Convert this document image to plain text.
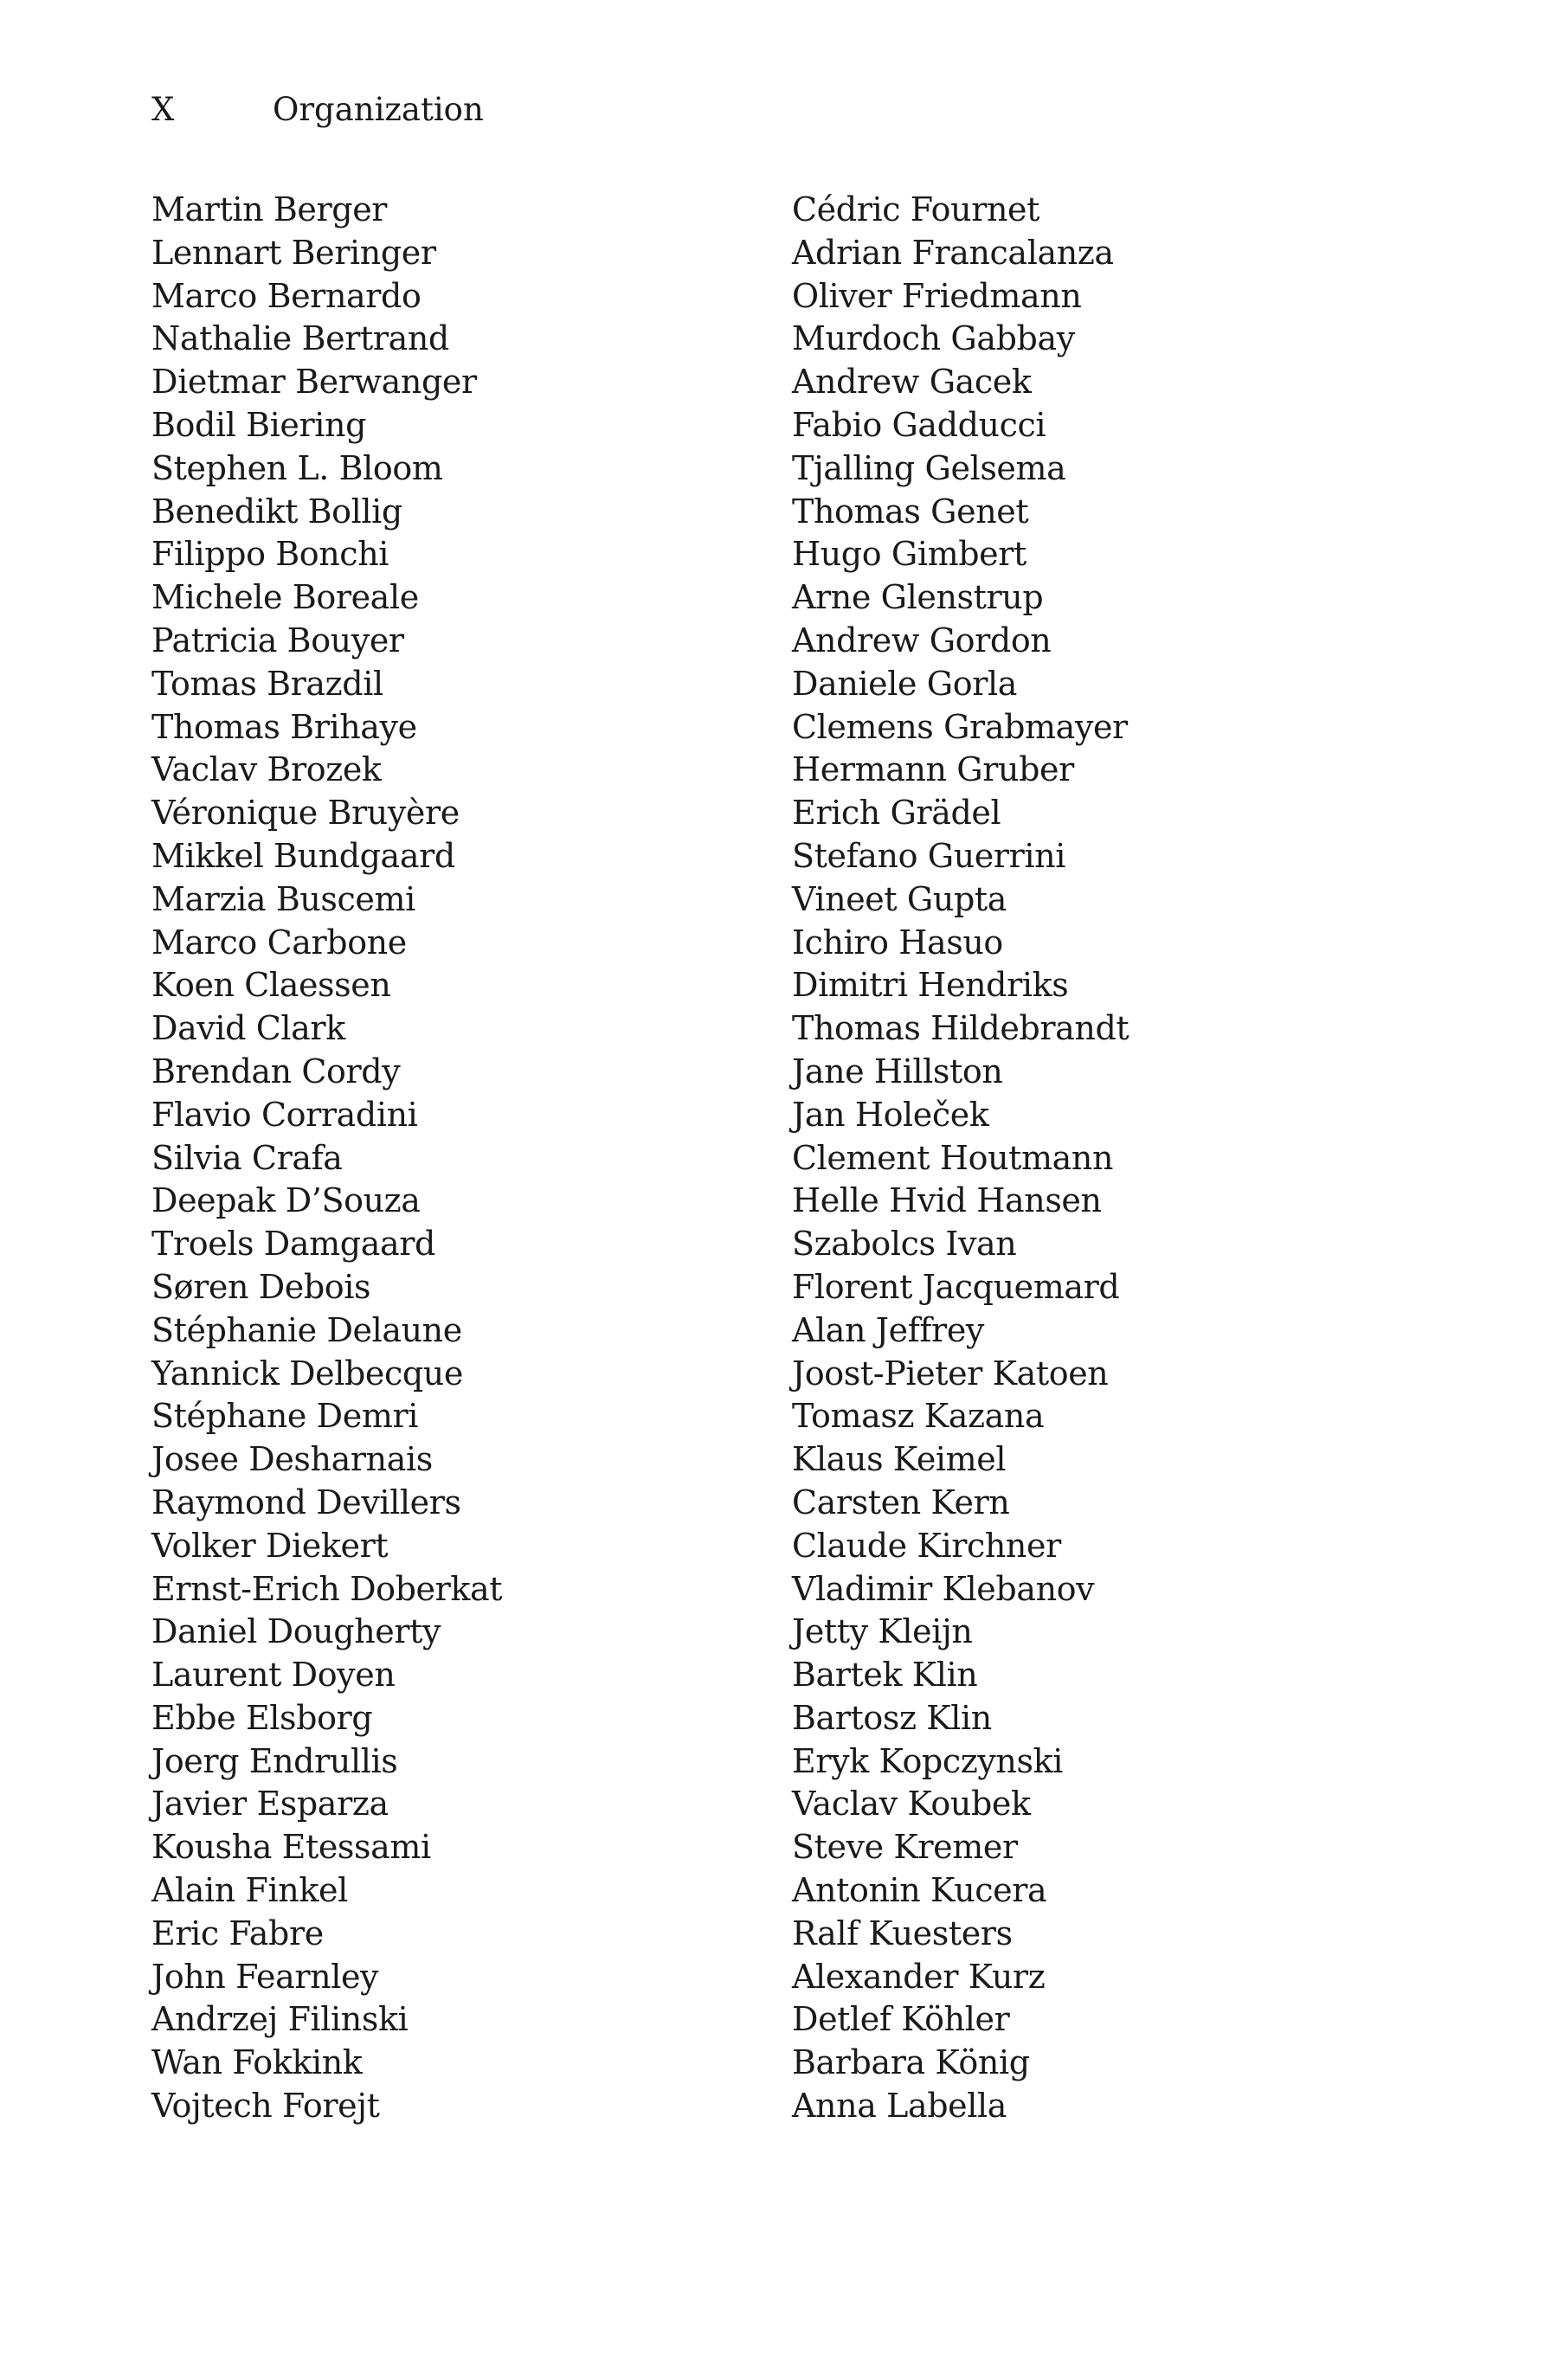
X	Organization
Martin Berger
Lennart Beringer
Marco Bernardo
Nathalie Bertrand
Dietmar Berwanger
Bodil Biering
Stephen L. Bloom
Benedikt Bollig
Filippo Bonchi
Michele Boreale
Patricia Bouyer
Tomas Brazdil
Thomas Brihaye
Vaclav Brozek
Véronique Bruyère
Mikkel Bundgaard
Marzia Buscemi
Marco Carbone
Koen Claessen
David Clark
Brendan Cordy
Flavio Corradini
Silvia Crafa
Deepak D’Souza
Troels Damgaard
Søren Debois
Stéphanie Delaune
Yannick Delbecque
Stéphane Demri
Josee Desharnais
Raymond Devillers
Volker Diekert
Ernst-Erich Doberkat
Daniel Dougherty
Laurent Doyen
Ebbe Elsborg
Joerg Endrullis
Javier Esparza
Kousha Etessami
Alain Finkel
Eric Fabre
John Fearnley
Andrzej Filinski
Wan Fokkink
Vojtech Forejt
Cédric Fournet
Adrian Francalanza
Oliver Friedmann
Murdoch Gabbay
Andrew Gacek
Fabio Gadducci
Tjalling Gelsema
Thomas Genet
Hugo Gimbert
Arne Glenstrup
Andrew Gordon
Daniele Gorla
Clemens Grabmayer
Hermann Gruber
Erich Grädel
Stefano Guerrini
Vineet Gupta
Ichiro Hasuo
Dimitri Hendriks
Thomas Hildebrandt
Jane Hillston
Jan Holeček
Clement Houtmann
Helle Hvid Hansen
Szabolcs Ivan
Florent Jacquemard
Alan Jeffrey
Joost-Pieter Katoen
Tomasz Kazana
Klaus Keimel
Carsten Kern
Claude Kirchner
Vladimir Klebanov
Jetty Kleijn
Bartek Klin
Bartosz Klin
Eryk Kopczynski
Vaclav Koubek
Steve Kremer
Antonin Kucera
Ralf Kuesters
Alexander Kurz
Detlef Köhler
Barbara König
Anna Labella
